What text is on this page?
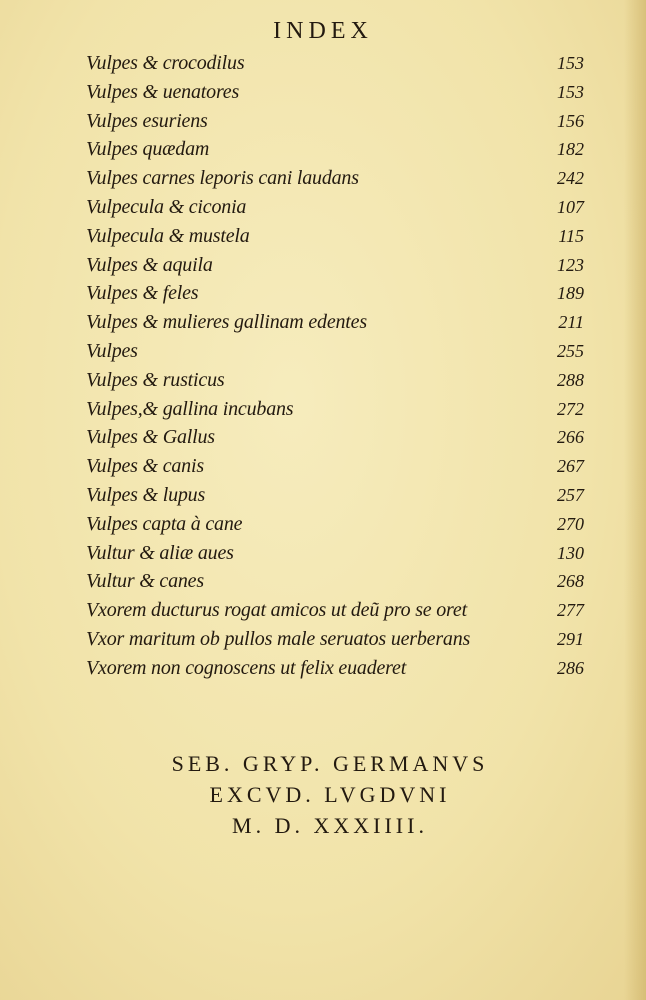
INDEX
Vulpes & crocodilus	153
Vulpes & uenatores	153
Vulpes esuriens	156
Vulpes quædam	182
Vulpes carnes leporis cani laudans	242
Vulpecula & ciconia	107
Vulpecula & mustela	115
Vulpes & aquila	123
Vulpes & feles	189
Vulpes & mulieres gallinam edentes	211
Vulpes	255
Vulpes & rusticus	288
Vulpes,& gallina incubans	272
Vulpes & Gallus	266
Vulpes & canis	267
Vulpes & lupus	257
Vulpes capta à cane	270
Vultur & aliæ aues	130
Vultur & canes	268
Vxorem ducturus rogat amicos ut deũ pro se oret	277
Vxor maritum ob pullos male seruatos uerberans	291
Vxorem non cognoscens ut felix euaderet	286
SEB. GRYP. GERMANVS
EXCVD. LVGDVNI
M. D. XXXIIII.
